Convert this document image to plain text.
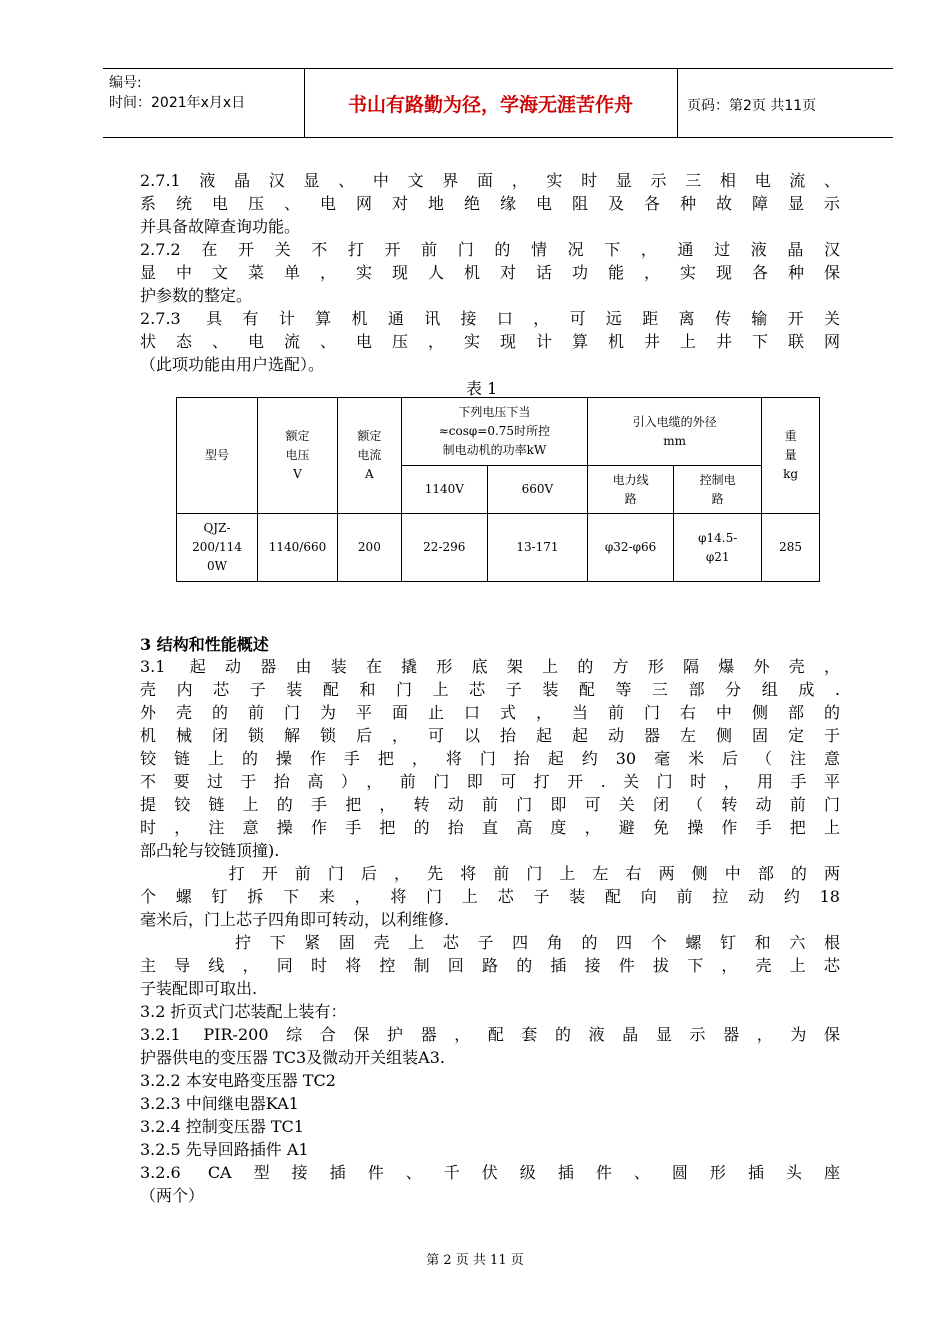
编号:
时间：2021年x月x日	书山有路勤为径，学海无涯苦作舟	页码：第2页 共11页

2.7.1液晶汉显、中文界面，实时显示三相电流、

系统电压、电网对地绝缘电阻及各种故障显示

并具备故障查询功能。

2.7.2在开关不打开前门的情况下，通过液晶汉

显中文菜单，实现人机对话功能，实现各种保

护参数的整定。

2.7.3 具有计算机通讯接口，可远距离传输开关

状态、电流、电压，实现计算机井上井下联网

（此项功能由用户选配）。

表 1
型号	额定
电压
V	额定
电流
A	下列电压下当
≈cosφ=0.75时所控
制电动机的功率kW		引入电缆的外径
mm		重
量
kg
			1140V	660V	电力线
路	控制电
路	
QJZ-
200/114
0W	1140/660	200	22-296	13-171	φ32-φ66	φ14.5-
φ21	285
3 结构和性能概述

3.1 起动器由装在撬形底架上的方形隔爆外壳，

壳内芯子装配和门上芯子装配等三部分组成.

外壳的前门为平面止口式，当前门右中侧部的

机械闭锁解锁后，可以抬起起动器左侧固定于

铰链上的操作手把，将门抬起约30毫米后（注意

不要过于抬高），前门即可打开.关门时，用手平

提铰链上的手把，转动前门即可关闭（转动前门

时，注意操作手把的抬直高度，避免操作手把上

部凸轮与铰链顶撞).

打开前门后，先将前门上左右两侧中部的两

个螺钉拆下来，将门上芯子装配向前拉动约18

毫米后，门上芯子四角即可转动，以利维修.

拧下紧固壳上芯子四角的四个螺钉和六根

主导线，同时将控制回路的插接件拔下，壳上芯

子装配即可取出.

3.2 折页式门芯装配上装有：

3.2.1 PIR-200综合保护器，配套的液晶显示器，为保

护器供电的变压器 TC3及微动开关组装A3.

3.2.2 本安电路变压器 TC2

3.2.3 中间继电器KA1

3.2.4 控制变压器 TC1

3.2.5 先导回路插件 A1

3.2.6 CA型接插件、千伏级插件、圆形插头座

（两个）

第 2 页 共 11 页
